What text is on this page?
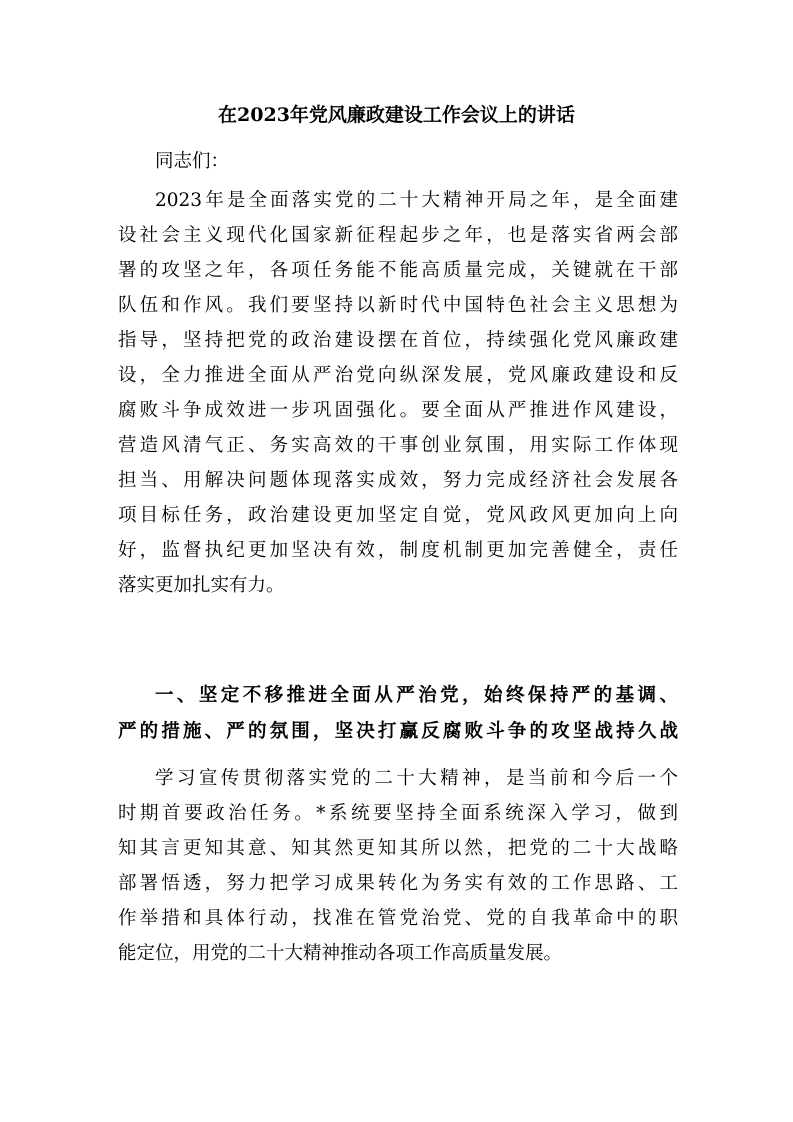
在2023年党风廉政建设工作会议上的讲话
同志们：
2023年是全面落实党的二十大精神开局之年，是全面建
设社会主义现代化国家新征程起步之年，也是落实省两会部
署的攻坚之年，各项任务能不能高质量完成，关键就在干部
队伍和作风。我们要坚持以新时代中国特色社会主义思想为
指导，坚持把党的政治建设摆在首位，持续强化党风廉政建
设，全力推进全面从严治党向纵深发展，党风廉政建设和反
腐败斗争成效进一步巩固强化。要全面从严推进作风建设，
营造风清气正、务实高效的干事创业氛围，用实际工作体现
担当、用解决问题体现落实成效，努力完成经济社会发展各
项目标任务，政治建设更加坚定自觉，党风政风更加向上向
好，监督执纪更加坚决有效，制度机制更加完善健全，责任
落实更加扎实有力。
一、坚定不移推进全面从严治党，始终保持严的基调、
严的措施、严的氛围，坚决打赢反腐败斗争的攻坚战持久战
学习宣传贯彻落实党的二十大精神，是当前和今后一个
时期首要政治任务。*系统要坚持全面系统深入学习，做到
知其言更知其意、知其然更知其所以然，把党的二十大战略
部署悟透，努力把学习成果转化为务实有效的工作思路、工
作举措和具体行动，找准在管党治党、党的自我革命中的职
能定位，用党的二十大精神推动各项工作高质量发展。
